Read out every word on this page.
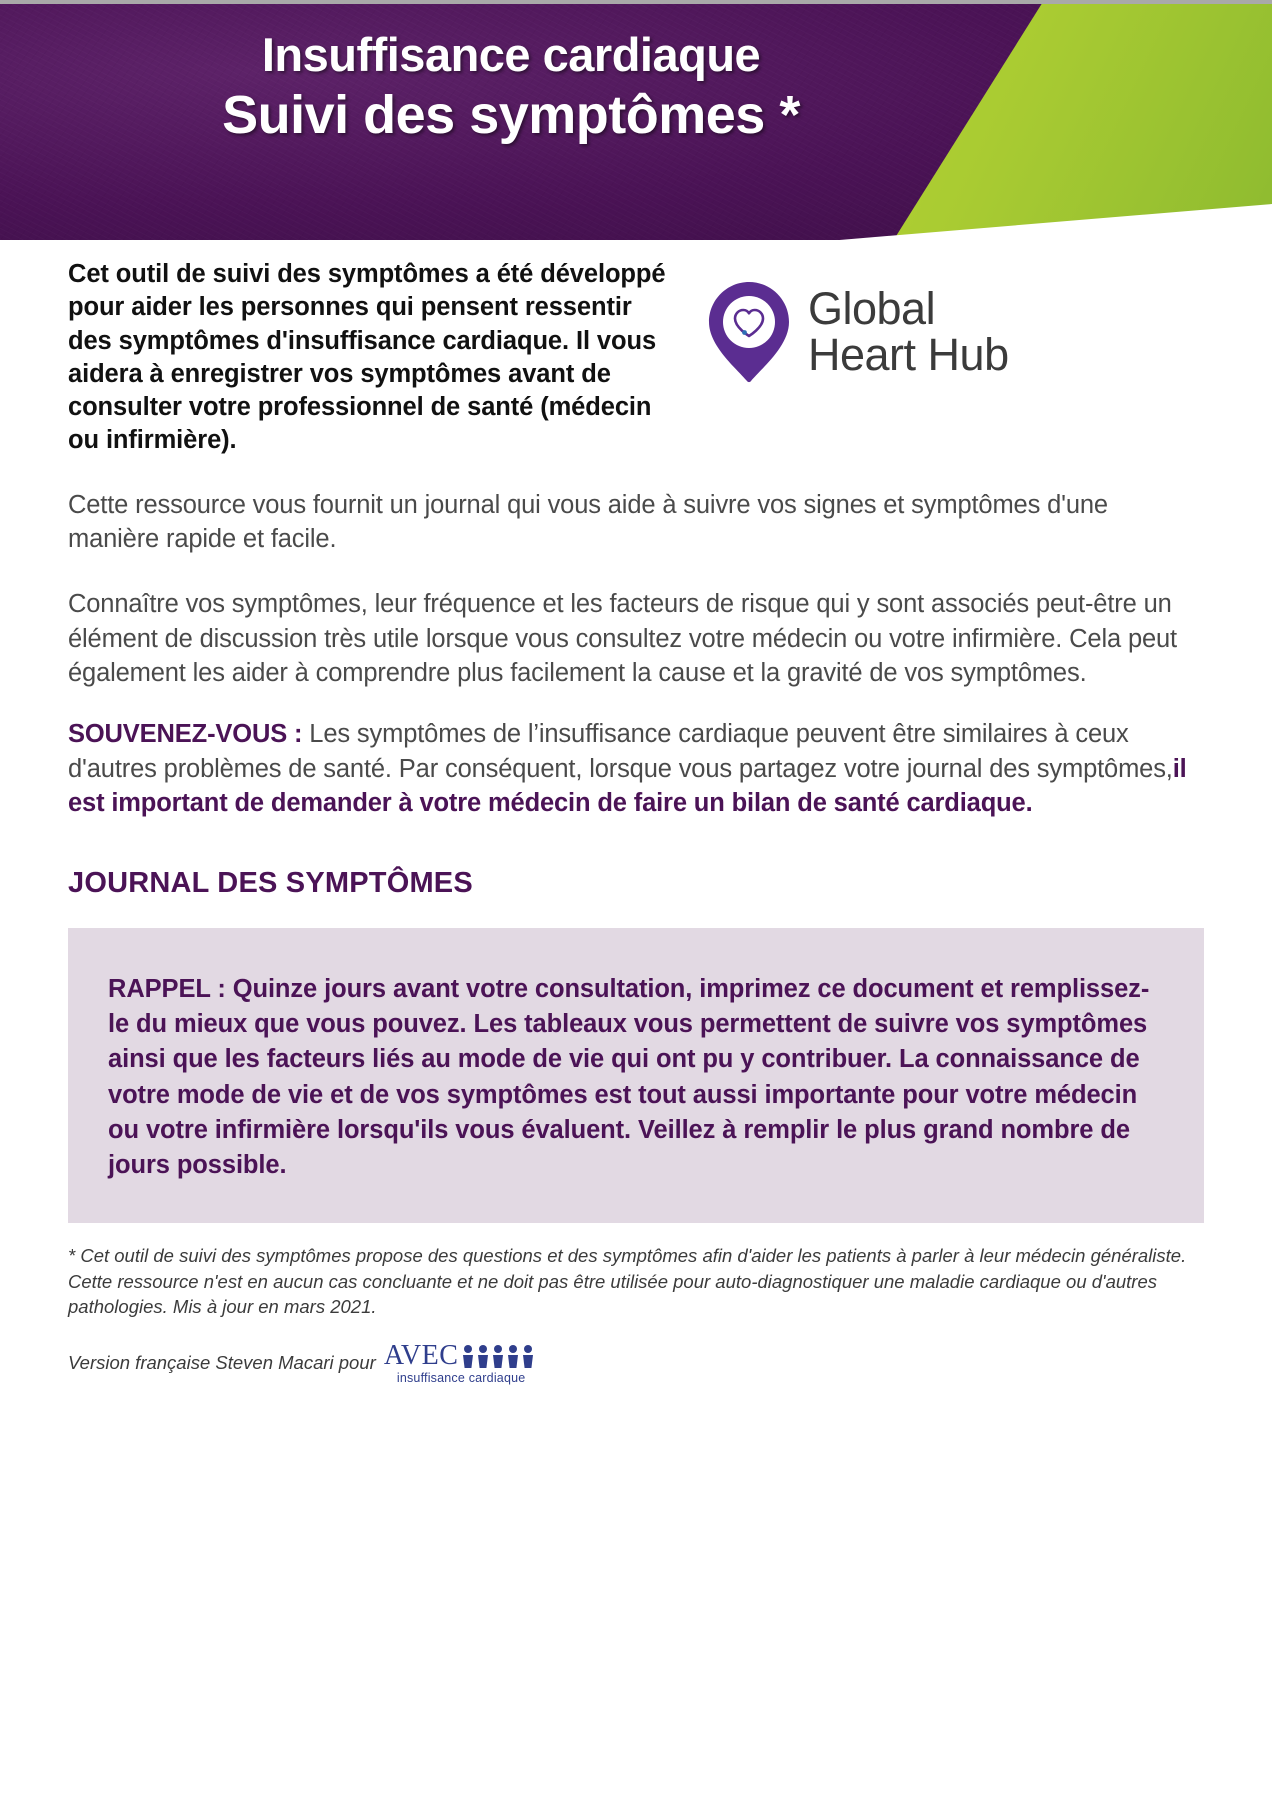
Insuffisance cardiaque
Suivi des symptômes *
Cet outil de suivi des symptômes a été développé pour aider les personnes qui pensent ressentir des symptômes d'insuffisance cardiaque. Il vous aidera à enregistrer vos symptômes avant de consulter votre professionnel de santé (médecin ou infirmière).
Global
Heart Hub
Cette ressource vous fournit un journal qui vous aide à suivre vos signes et symptômes d'une manière rapide et facile.
Connaître vos symptômes, leur fréquence et les facteurs de risque qui y sont associés peut-être un élément de discussion très utile lorsque vous consultez votre médecin ou votre infirmière. Cela peut également les aider à comprendre plus facilement la cause et la gravité de vos symptômes.
SOUVENEZ-VOUS : Les symptômes de l’insuffisance cardiaque peuvent être similaires à ceux d'autres problèmes de santé. Par conséquent, lorsque vous partagez votre journal des symptômes,il est important de demander à votre médecin de faire un bilan de santé cardiaque.
JOURNAL DES SYMPTÔMES
RAPPEL : Quinze jours avant votre consultation, imprimez ce document et remplissez-le du mieux que vous pouvez. Les tableaux vous permettent de suivre vos symptômes ainsi que les facteurs liés au mode de vie qui ont pu y contribuer. La connaissance de votre mode de vie et de vos symptômes est tout aussi importante pour votre médecin ou votre infirmière lorsqu'ils vous évaluent. Veillez à remplir le plus grand nombre de jours possible.
* Cet outil de suivi des symptômes propose des questions et des symptômes afin d'aider les patients à parler à leur médecin généraliste. Cette ressource n'est en aucun cas concluante et ne doit pas être utilisée pour auto-diagnostiquer une maladie cardiaque ou d'autres pathologies. Mis à jour en mars 2021.
Version française Steven Macari pour AVEC
insuffisance cardiaque
